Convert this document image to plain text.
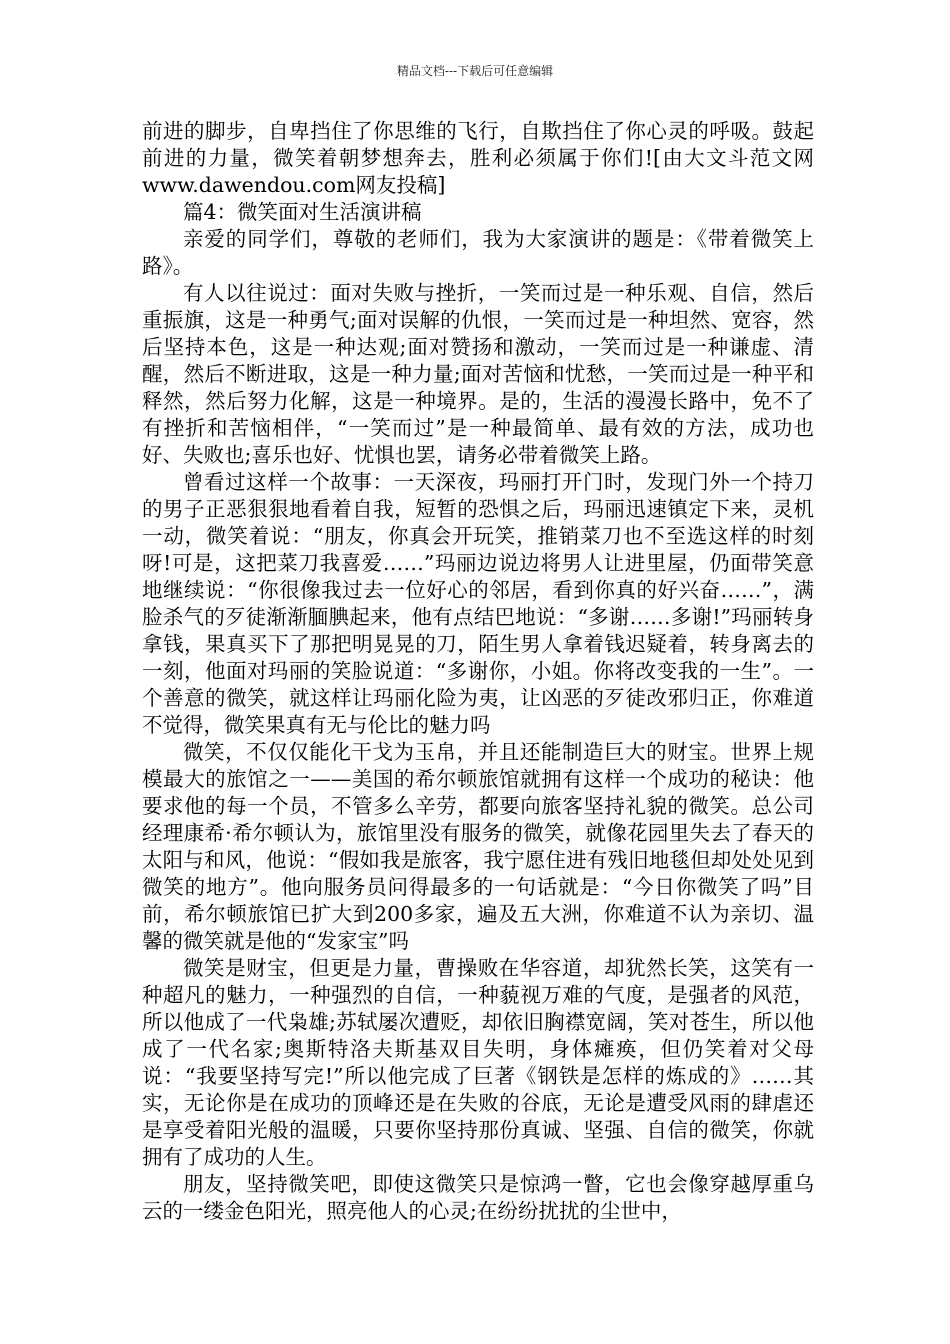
精品文档---下载后可任意编辑

前进的脚步，自卑挡住了你思维的飞行，自欺挡住了你心灵的呼吸。鼓起前进的力量，微笑着朝梦想奔去，胜利必须属于你们![由大文斗范文网www.dawendou.com网友投稿]

篇4：微笑面对生活演讲稿

亲爱的同学们，尊敬的老师们，我为大家演讲的题是：《带着微笑上路》。

有人以往说过：面对失败与挫折，一笑而过是一种乐观、自信，然后重振旗，这是一种勇气;面对误解的仇恨，一笑而过是一种坦然、宽容，然后坚持本色，这是一种达观;面对赞扬和激动，一笑而过是一种谦虚、清醒，然后不断进取，这是一种力量;面对苦恼和忧愁，一笑而过是一种平和释然，然后努力化解，这是一种境界。是的，生活的漫漫长路中，免不了有挫折和苦恼相伴，“一笑而过”是一种最简单、最有效的方法，成功也好、失败也;喜乐也好、忧惧也罢，请务必带着微笑上路。

曾看过这样一个故事：一天深夜，玛丽打开门时，发现门外一个持刀的男子正恶狠狠地看着自我，短暂的恐惧之后，玛丽迅速镇定下来，灵机一动，微笑着说：“朋友，你真会开玩笑，推销菜刀也不至选这样的时刻呀!可是，这把菜刀我喜爱……”玛丽边说边将男人让进里屋，仍面带笑意地继续说：“你很像我过去一位好心的邻居，看到你真的好兴奋……”，满脸杀气的歹徒渐渐腼腆起来，他有点结巴地说：“多谢……多谢!”玛丽转身拿钱，果真买下了那把明晃晃的刀，陌生男人拿着钱迟疑着，转身离去的一刻，他面对玛丽的笑脸说道：“多谢你，小姐。你将改变我的一生”。一个善意的微笑，就这样让玛丽化险为夷，让凶恶的歹徒改邪归正，你难道不觉得，微笑果真有无与伦比的魅力吗

微笑，不仅仅能化干戈为玉帛，并且还能制造巨大的财宝。世界上规模最大的旅馆之一——美国的希尔顿旅馆就拥有这样一个成功的秘诀：他要求他的每一个员，不管多么辛劳，都要向旅客坚持礼貌的微笑。总公司经理康希·希尔顿认为，旅馆里没有服务的微笑，就像花园里失去了春天的太阳与和风，他说：“假如我是旅客，我宁愿住进有残旧地毯但却处处见到微笑的地方”。他向服务员问得最多的一句话就是：“今日你微笑了吗”目前，希尔顿旅馆已扩大到200多家，遍及五大洲，你难道不认为亲切、温馨的微笑就是他的“发家宝”吗

微笑是财宝，但更是力量，曹操败在华容道，却犹然长笑，这笑有一种超凡的魅力，一种强烈的自信，一种藐视万难的气度，是强者的风范，所以他成了一代枭雄;苏轼屡次遭贬，却依旧胸襟宽阔，笑对苍生，所以他成了一代名家;奥斯特洛夫斯基双目失明，身体瘫痪，但仍笑着对父母说：“我要坚持写完!”所以他完成了巨著《钢铁是怎样的炼成的》……其实，无论你是在成功的顶峰还是在失败的谷底，无论是遭受风雨的肆虐还是享受着阳光般的温暖，只要你坚持那份真诚、坚强、自信的微笑，你就拥有了成功的人生。

朋友，坚持微笑吧，即使这微笑只是惊鸿一瞥，它也会像穿越厚重乌云的一缕金色阳光，照亮他人的心灵;在纷纷扰扰的尘世中，
